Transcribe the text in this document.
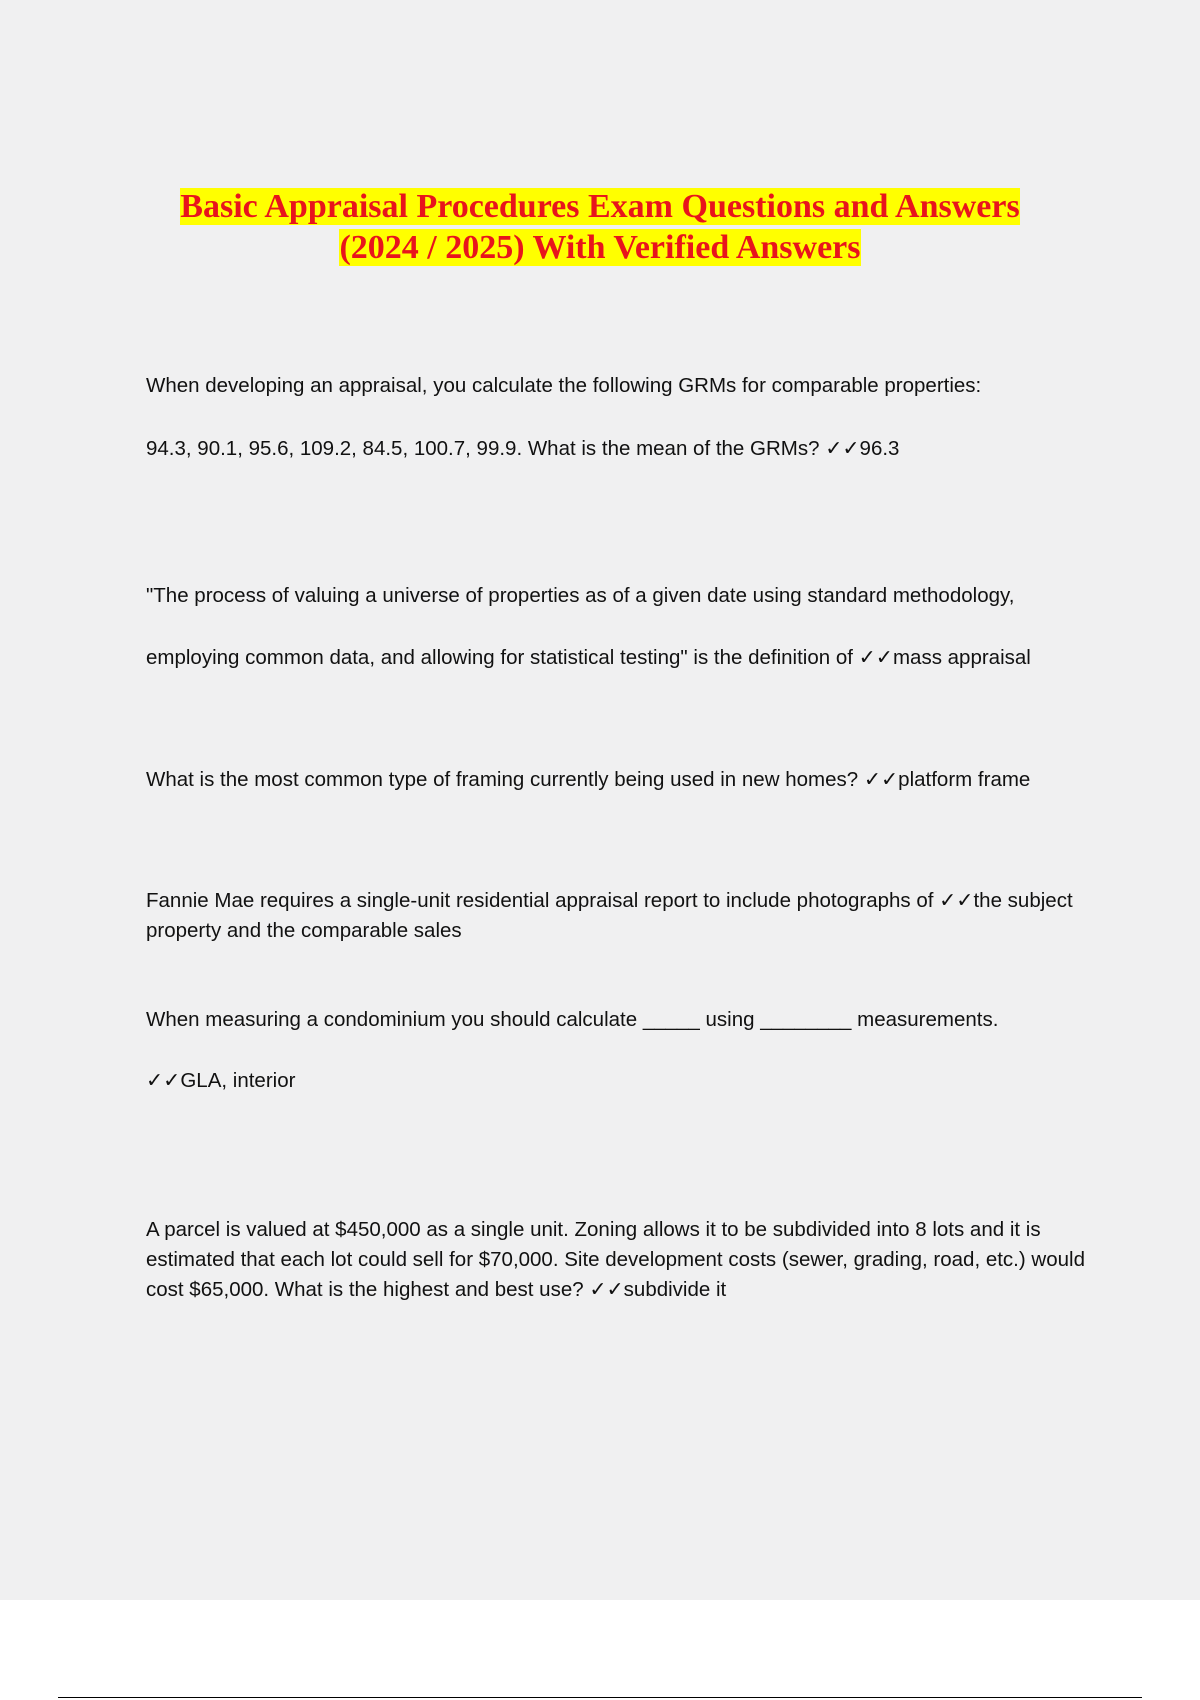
Basic Appraisal Procedures Exam Questions and Answers
(2024 / 2025) With Verified Answers

When developing an appraisal, you calculate the following GRMs for comparable properties:

94.3, 90.1, 95.6, 109.2, 84.5, 100.7, 99.9. What is the mean of the GRMs? ✓✓96.3

"The process of valuing a universe of properties as of a given date using standard methodology,

employing common data, and allowing for statistical testing" is the definition of ✓✓mass appraisal

What is the most common type of framing currently being used in new homes? ✓✓platform frame

Fannie Mae requires a single-unit residential appraisal report to include photographs of ✓✓the subject property and the comparable sales

When measuring a condominium you should calculate _____ using ________ measurements.

✓✓GLA, interior

A parcel is valued at $450,000 as a single unit. Zoning allows it to be subdivided into 8 lots and it is estimated that each lot could sell for $70,000. Site development costs (sewer, grading, road, etc.) would cost $65,000. What is the highest and best use? ✓✓subdivide it
